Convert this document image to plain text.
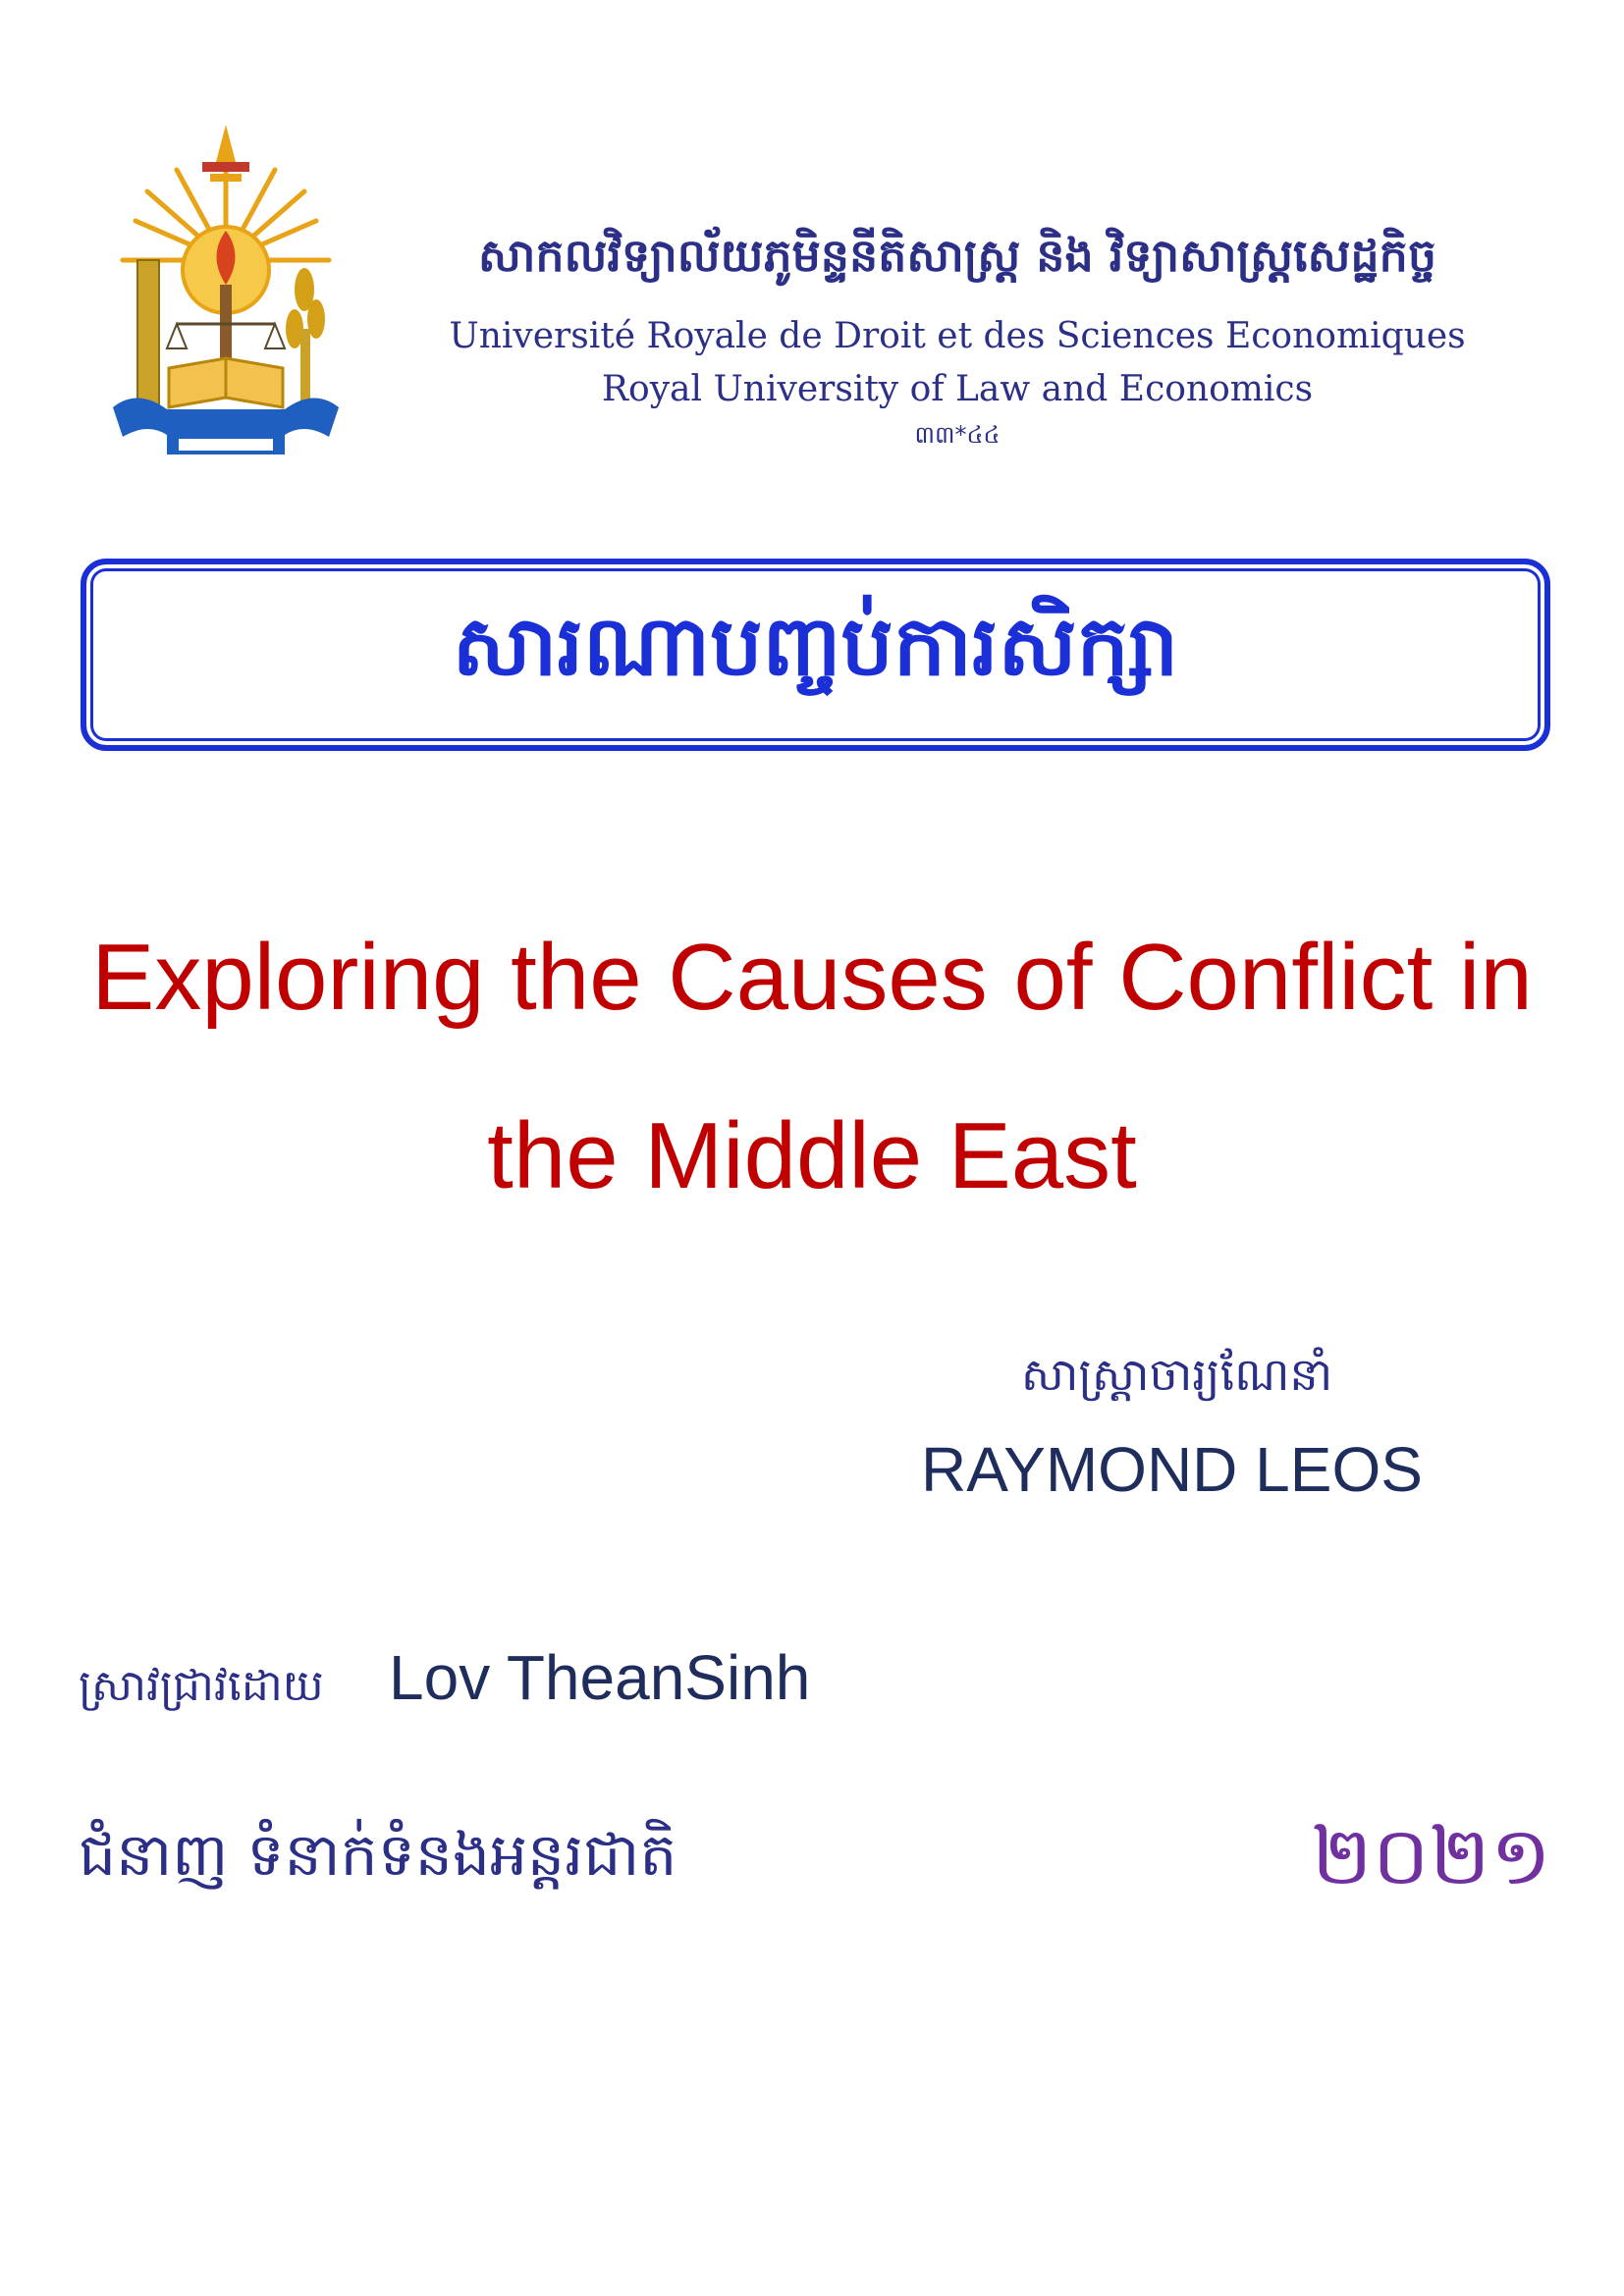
សាកលវិទ្យាល័យភូមិន្ទនីតិសាស្ត្រ និង វិទ្យាសាស្ត្រសេដ្ឋកិច្ច
Université Royale de Droit et des Sciences Economiques
Royal University of Law and Economics
៣៣*៤៤
សារណាបញ្ចប់ការសិក្សា
Exploring the Causes of Conflict in
the Middle East
សាស្ត្រាចារ្យណែនាំ
RAYMOND LEOS
ស្រាវជ្រាវដោយ	Lov TheanSinh
ជំនាញ ទំនាក់ទំនងអន្តរជាតិ	២០២១
